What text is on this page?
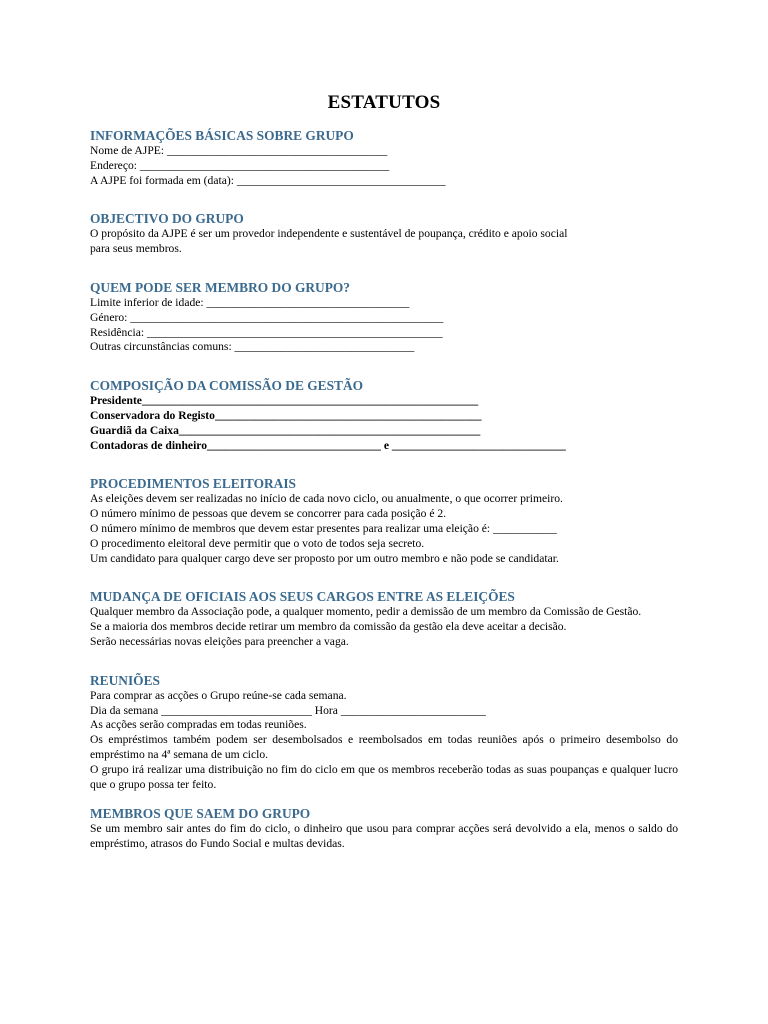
ESTATUTOS
INFORMAÇÕES BÁSICAS SOBRE GRUPO
Nome de AJPE: ______________________________________
Endereço: ___________________________________________
A AJPE foi formada em (data): ____________________________________
OBJECTIVO DO GRUPO
O propósito da AJPE é ser um provedor independente e sustentável de poupança, crédito e apoio social
para seus membros.
QUEM PODE SER MEMBRO DO GRUPO?
Limite inferior de idade: ___________________________________
Género: ______________________________________________________
Residência: ___________________________________________________
Outras circunstâncias comuns: _______________________________
COMPOSIÇÃO DA COMISSÃO DE GESTÃO
Presidente__________________________________________________________
Conservadora do Registo______________________________________________
Guardiã da Caixa____________________________________________________
Contadoras de dinheiro______________________________ e ______________________________
PROCEDIMENTOS ELEITORAIS
As eleições devem ser realizadas no início de cada novo ciclo, ou anualmente, o que ocorrer primeiro.
O número mínimo de pessoas que devem se concorrer para cada posição é 2.
O número mínimo de membros que devem estar presentes para realizar uma eleição é: ___________
O procedimento eleitoral deve permitir que o voto de todos seja secreto.
Um candidato para qualquer cargo deve ser proposto por um outro membro e não pode se candidatar.
MUDANÇA DE OFICIAIS AOS SEUS CARGOS ENTRE AS ELEIÇÕES
Qualquer membro da Associação pode, a qualquer momento, pedir a demissão de um membro da Comissão de Gestão.
Se a maioria dos membros decide retirar um membro da comissão da gestão ela deve aceitar a decisão.
Serão necessárias novas eleições para preencher a vaga.
REUNIÕES
Para comprar as acções o Grupo reúne-se cada semana.
Dia da semana __________________________ Hora _________________________
As acções serão compradas em todas reuniões.

Os empréstimos também podem ser desembolsados e reembolsados em todas reuniões após o primeiro desembolso do empréstimo na 4ª semana de um ciclo.

O grupo irá realizar uma distribuição no fim do ciclo em que os membros receberão todas as suas poupanças e qualquer lucro que o grupo possa ter feito.

MEMBROS QUE SAEM DO GRUPO

Se um membro sair antes do fim do ciclo, o dinheiro que usou para comprar acções será devolvido a ela, menos o saldo do empréstimo, atrasos do Fundo Social e multas devidas.
